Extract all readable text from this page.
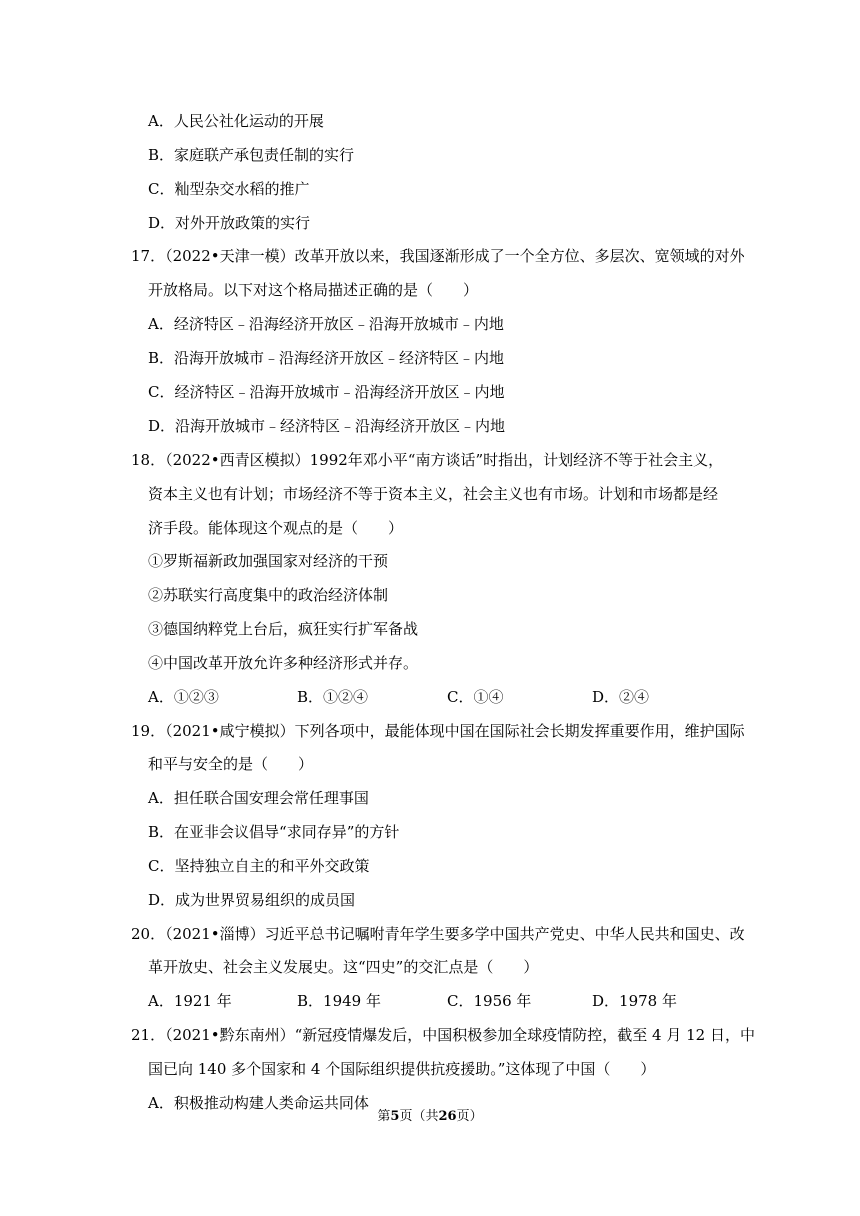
A．人民公社化运动的开展
B．家庭联产承包责任制的实行
C．籼型杂交水稻的推广
D．对外开放政策的实行
17．（2022•天津一模）改革开放以来，我国逐渐形成了一个全方位、多层次、宽领域的对外
开放格局。以下对这个格局描述正确的是（　　）
A．经济特区﹣沿海经济开放区﹣沿海开放城市﹣内地
B．沿海开放城市﹣沿海经济开放区﹣经济特区﹣内地
C．经济特区﹣沿海开放城市﹣沿海经济开放区﹣内地
D．沿海开放城市﹣经济特区﹣沿海经济开放区﹣内地
18．（2022•西青区模拟）1992年邓小平“南方谈话”时指出，计划经济不等于社会主义，
资本主义也有计划；市场经济不等于资本主义，社会主义也有市场。计划和市场都是经
济手段。能体现这个观点的是（　　）
①罗斯福新政加强国家对经济的干预
②苏联实行高度集中的政治经济体制
③德国纳粹党上台后，疯狂实行扩军备战
④中国改革开放允许多种经济形式并存。
A．①②③	B．①②④	C．①④	D．②④
19．（2021•咸宁模拟）下列各项中，最能体现中国在国际社会长期发挥重要作用，维护国际
和平与安全的是（　　）
A．担任联合国安理会常任理事国
B．在亚非会议倡导“求同存异”的方针
C．坚持独立自主的和平外交政策
D．成为世界贸易组织的成员国
20．（2021•淄博）习近平总书记嘱咐青年学生要多学中国共产党史、中华人民共和国史、改
革开放史、社会主义发展史。这“四史”的交汇点是（　　）
A．1921 年	B．1949 年	C．1956 年	D．1978 年
21．（2021•黔东南州）“新冠疫情爆发后，中国积极参加全球疫情防控，截至 4 月 12 日，中
国已向 140 多个国家和 4 个国际组织提供抗疫援助。”这体现了中国（　　）
A．积极推动构建人类命运共同体
第5页（共26页）
